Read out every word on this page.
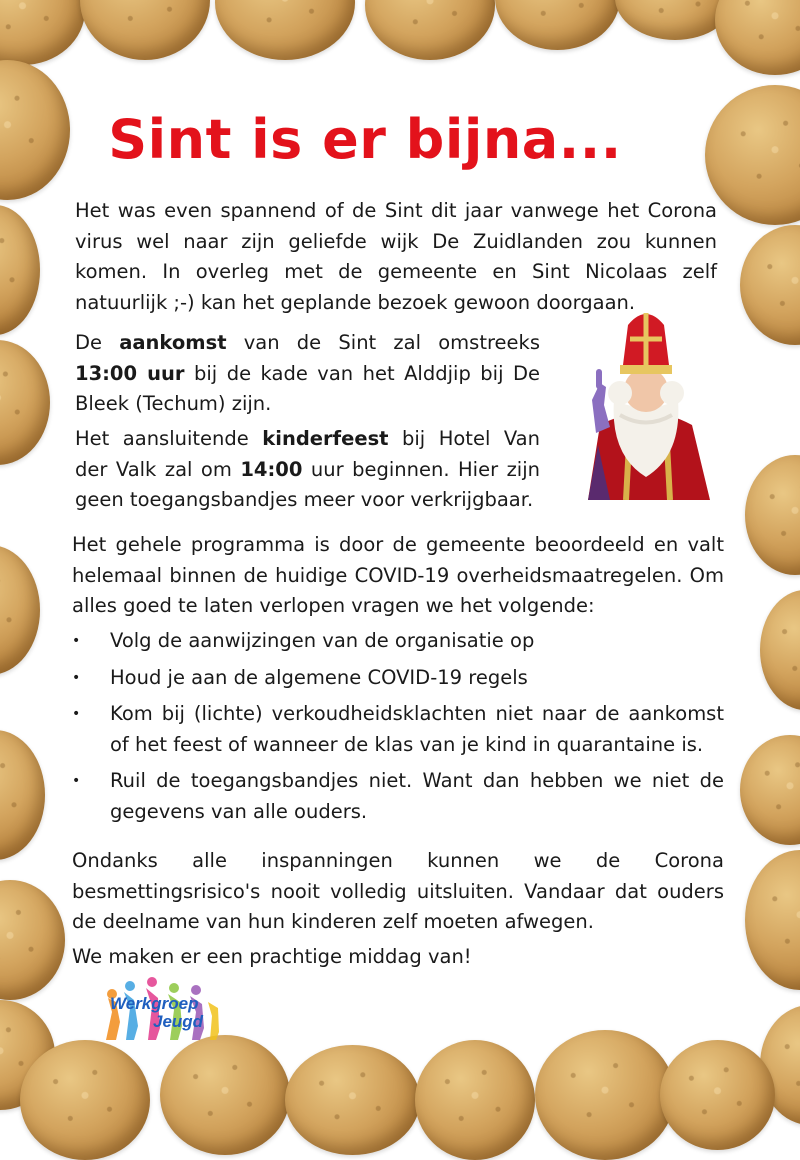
Sint is er bijna...

Het was even spannend of de Sint dit jaar vanwege het Corona virus wel naar zijn geliefde wijk De Zuidlanden zou kunnen komen. In overleg met de gemeente en Sint Nicolaas zelf natuurlijk ;-) kan het geplande bezoek gewoon doorgaan.

De aankomst van de Sint zal omstreeks 13:00 uur bij de kade van het Alddjip bij De Bleek (Techum) zijn.

Het aansluitende kinderfeest bij Hotel Van der Valk zal om 14:00 uur beginnen. Hier zijn geen toegangsbandjes meer voor verkrijgbaar.

Het gehele programma is door de gemeente beoordeeld en valt helemaal binnen de huidige COVID-19 overheidsmaatregelen. Om alles goed te laten verlopen vragen we het volgende:

• Volg de aanwijzingen van de organisatie op
• Houd je aan de algemene COVID-19 regels
• Kom bij (lichte) verkoudheidsklachten niet naar de aankomst of het feest of wanneer de klas van je kind in quarantaine is.
• Ruil de toegangsbandjes niet. Want dan hebben we niet de gegevens van alle ouders.

Ondanks alle inspanningen kunnen we de Corona besmettingsrisico's nooit volledig uitsluiten. Vandaar dat ouders de deelname van hun kinderen zelf moeten afwegen.

We maken er een prachtige middag van!

Werkgroep
Jeugd
